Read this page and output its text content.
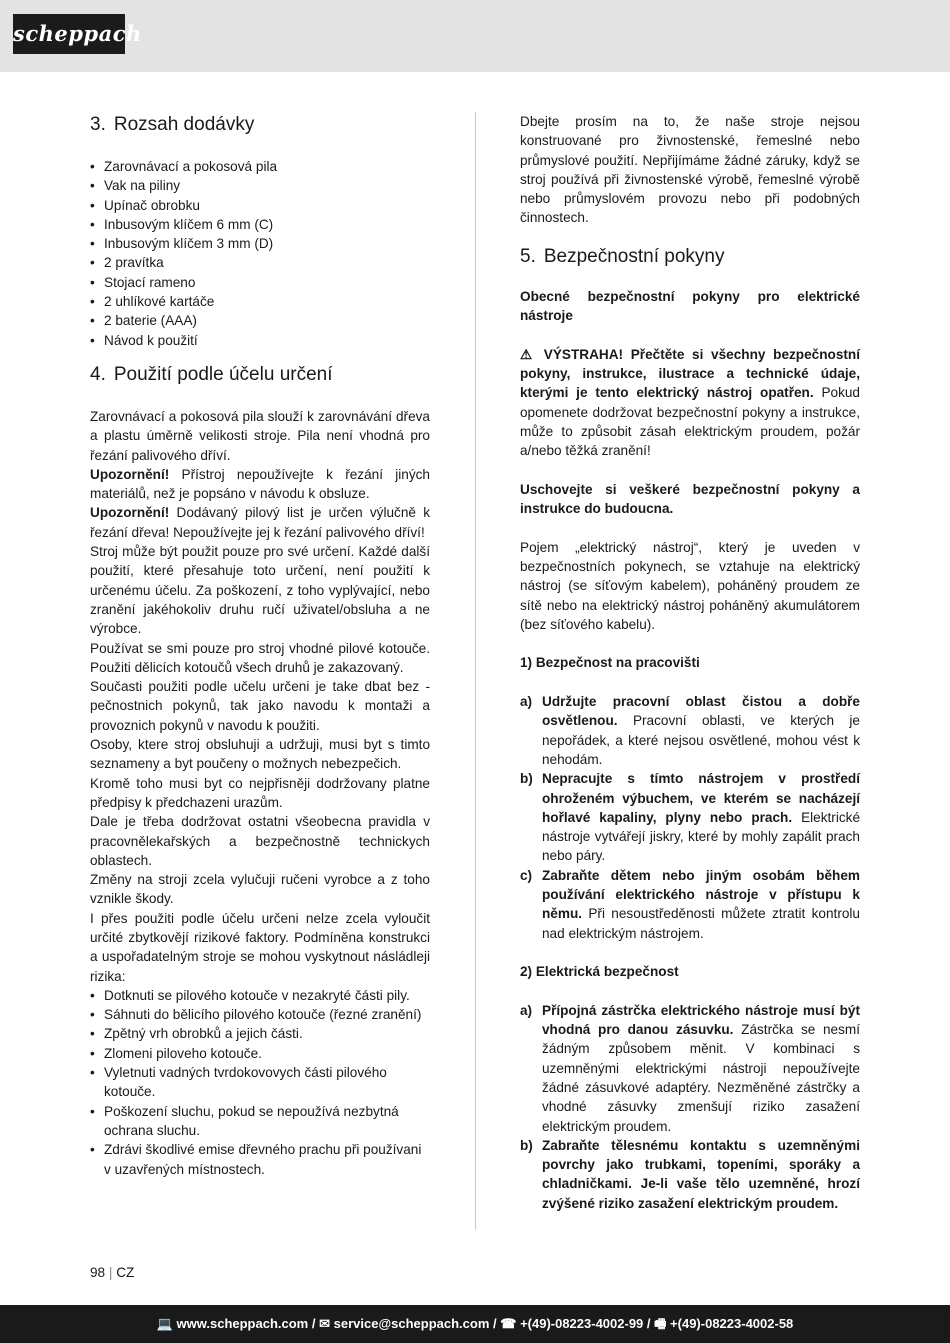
scheppach
3. Rozsah dodávky
• Zarovnávací a pokosová pila
• Vak na piliny
• Upínač obrobku
• Inbusovým klíčem 6 mm (C)
• Inbusovým klíčem 3 mm (D)
• 2 pravítka
• Stojací rameno
• 2 uhlíkové kartáče
• 2 baterie (AAA)
• Návod k použití
4. Použití podle účelu určení

Zarovnávací a pokosová pila slouží k zarovnávání dřeva a plastu úměrně velikosti stroje. Pila není vhodná pro řezání palivového dříví.

Upozornění! Přístroj nepoužívejte k řezání jiných materiálů, než je popsáno v návodu k obsluze.

Upozornění! Dodávaný pilový list je určen výlučně k řezání dřeva! Nepoužívejte jej k řezání palivového dříví!

Stroj může být použit pouze pro své určení. Každé další použití, které přesahuje toto určení, není použití k určenému účelu. Za poškození, z toho vyplývající, nebo zranění jakéhokoliv druhu ručí uživatel/obsluha a ne výrobce.

Používat se smi pouze pro stroj vhodné pilové kotouče. Použiti dělicích kotoučů všech druhů je zakazovaný.

Současti použiti podle učelu určeni je take dbat bez - pečnostnich pokynů, tak jako navodu k montaži a provoznich pokynů v navodu k použiti.

Osoby, ktere stroj obsluhuji a udržuji, musi byt s timto seznameny a byt poučeny o možnych nebezpečich.

Kromě toho musi byt co nejpřisněji dodržovany platne předpisy k předchazeni urazům.

Dale je třeba dodržovat ostatni všeobecna pravidla v pracovnělekařských a bezpečnostně technickych oblastech.

Změny na stroji zcela vylučuji ručeni vyrobce a z toho vznikle škody.

I přes použiti podle účelu určeni nelze zcela vyloučit určité zbytkovějí rizikové faktory. Podmíněna konstrukci a uspořadatelným stroje se mohou vyskytnout násládleji rizika:

• Dotknuti se pilového kotouče v nezakryté části pily.
• Sáhnuti do bělicího pilového kotouče (řezné zranění)
• Zpětný vrh obrobků a jejich části.
• Zlomeni piloveho kotouče.
• Vyletnuti vadných tvrdokovovych části pilového kotouče.
• Poškození sluchu, pokud se nepoužívá nezbytná ochrana sluchu.
• Zdrávi škodlivé emise dřevného prachu při používani v uzavřených místnostech.

Dbejte prosím na to, že naše stroje nejsou konstruované pro živnostenské, řemeslné nebo průmyslové použití. Nepřijímáme žádné záruky, když se stroj používá při živnostenské výrobě, řemeslné výrobě nebo průmyslovém provozu nebo při podobných činnostech.

5. Bezpečnostní pokyny

Obecné bezpečnostní pokyny pro elektrické nástroje

⚠ VÝSTRAHA! Přečtěte si všechny bezpečnostní pokyny, instrukce, ilustrace a technické údaje, kterými je tento elektrický nástroj opatřen. Pokud opomenete dodržovat bezpečnostní pokyny a instrukce, může to způsobit zásah elektrickým proudem, požár a/nebo těžká zranění!

Uschovejte si veškeré bezpečnostní pokyny a instrukce do budoucna.

Pojem „elektrický nástroj“, který je uveden v bezpečnostních pokynech, se vztahuje na elektrický nástroj (se síťovým kabelem), poháněný proudem ze sítě nebo na elektrický nástroj poháněný akumulátorem (bez síťového kabelu).

1) Bezpečnost na pracovišti

a) Udržujte pracovní oblast čistou a dobře osvětlenou. Pracovní oblasti, ve kterých je nepořádek, a které nejsou osvětlené, mohou vést k nehodám.
b) Nepracujte s tímto nástrojem v prostředí ohroženém výbuchem, ve kterém se nacházejí hořlavé kapaliny, plyny nebo prach. Elektrické nástroje vytvářejí jiskry, které by mohly zapálit prach nebo páry.
c) Zabraňte dětem nebo jiným osobám během používání elektrického nástroje v přístupu k němu. Při nesoustředěnosti můžete ztratit kontrolu nad elektrickým nástrojem.

2) Elektrická bezpečnost

a) Přípojná zástrčka elektrického nástroje musí být vhodná pro danou zásuvku. Zástrčka se nesmí žádným způsobem měnit. V kombinaci s uzemněnými elektrickými nástroji nepoužívejte žádné zásuvkové adaptéry. Nezměněné zástrčky a vhodné zásuvky zmenšují riziko zasažení elektrickým proudem.
b) Zabraňte tělesnému kontaktu s uzemněnými povrchy jako trubkami, topeními, sporáky a chladničkami. Je-li vaše tělo uzemněné, hrozí zvýšené riziko zasažení elektrickým proudem.
98 | CZ
💻 www.scheppach.com / ✉ service@scheppach.com / ☎ +(49)-08223-4002-99 / 🖷 +(49)-08223-4002-58
